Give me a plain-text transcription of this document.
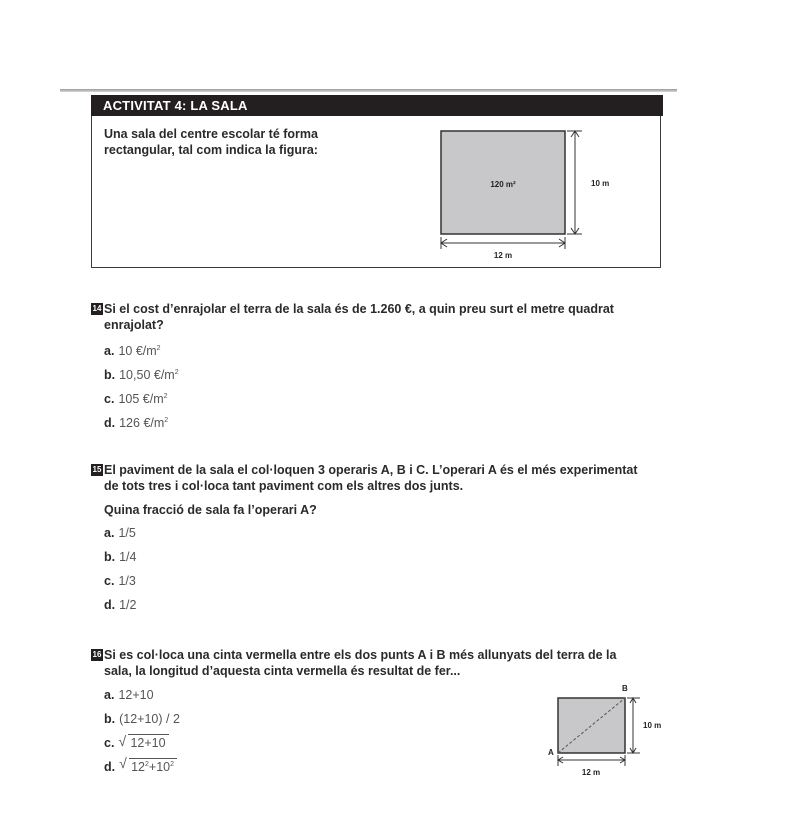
ACTIVITAT 4: LA SALA
Una sala del centre escolar té forma
rectangular, tal com indica la figura:
120 m²	10 m
12 m
14 Si el cost d’enrajolar el terra de la sala és de 1.260 €, a quin preu surt el metre quadrat
enrajolat?
a. 10 $€/m^2$
b. 10,50 $€/m^2$
c. 105 $€/m^2$
d. 126 $€/m^2$
15 El paviment de la sala el col·loquen 3 operaris A, B i C. L’operari A és el més experimentat
de tots tres i col·loca tant paviment com els altres dos junts.
Quina fracció de sala fa l’operari A?
a. 1/5
b. 1/4
c. 1/3
d. 1/2
16 Si es col·loca una cinta vermella entre els dos punts A i B més allunyats del terra de la
sala, la longitud d’aquesta cinta vermella és resultat de fer...
a. 12+10
b. (12+10) / 2
c. √ 12+10
d. √ $12^2+10^2$
B
A
10 m
12 m
